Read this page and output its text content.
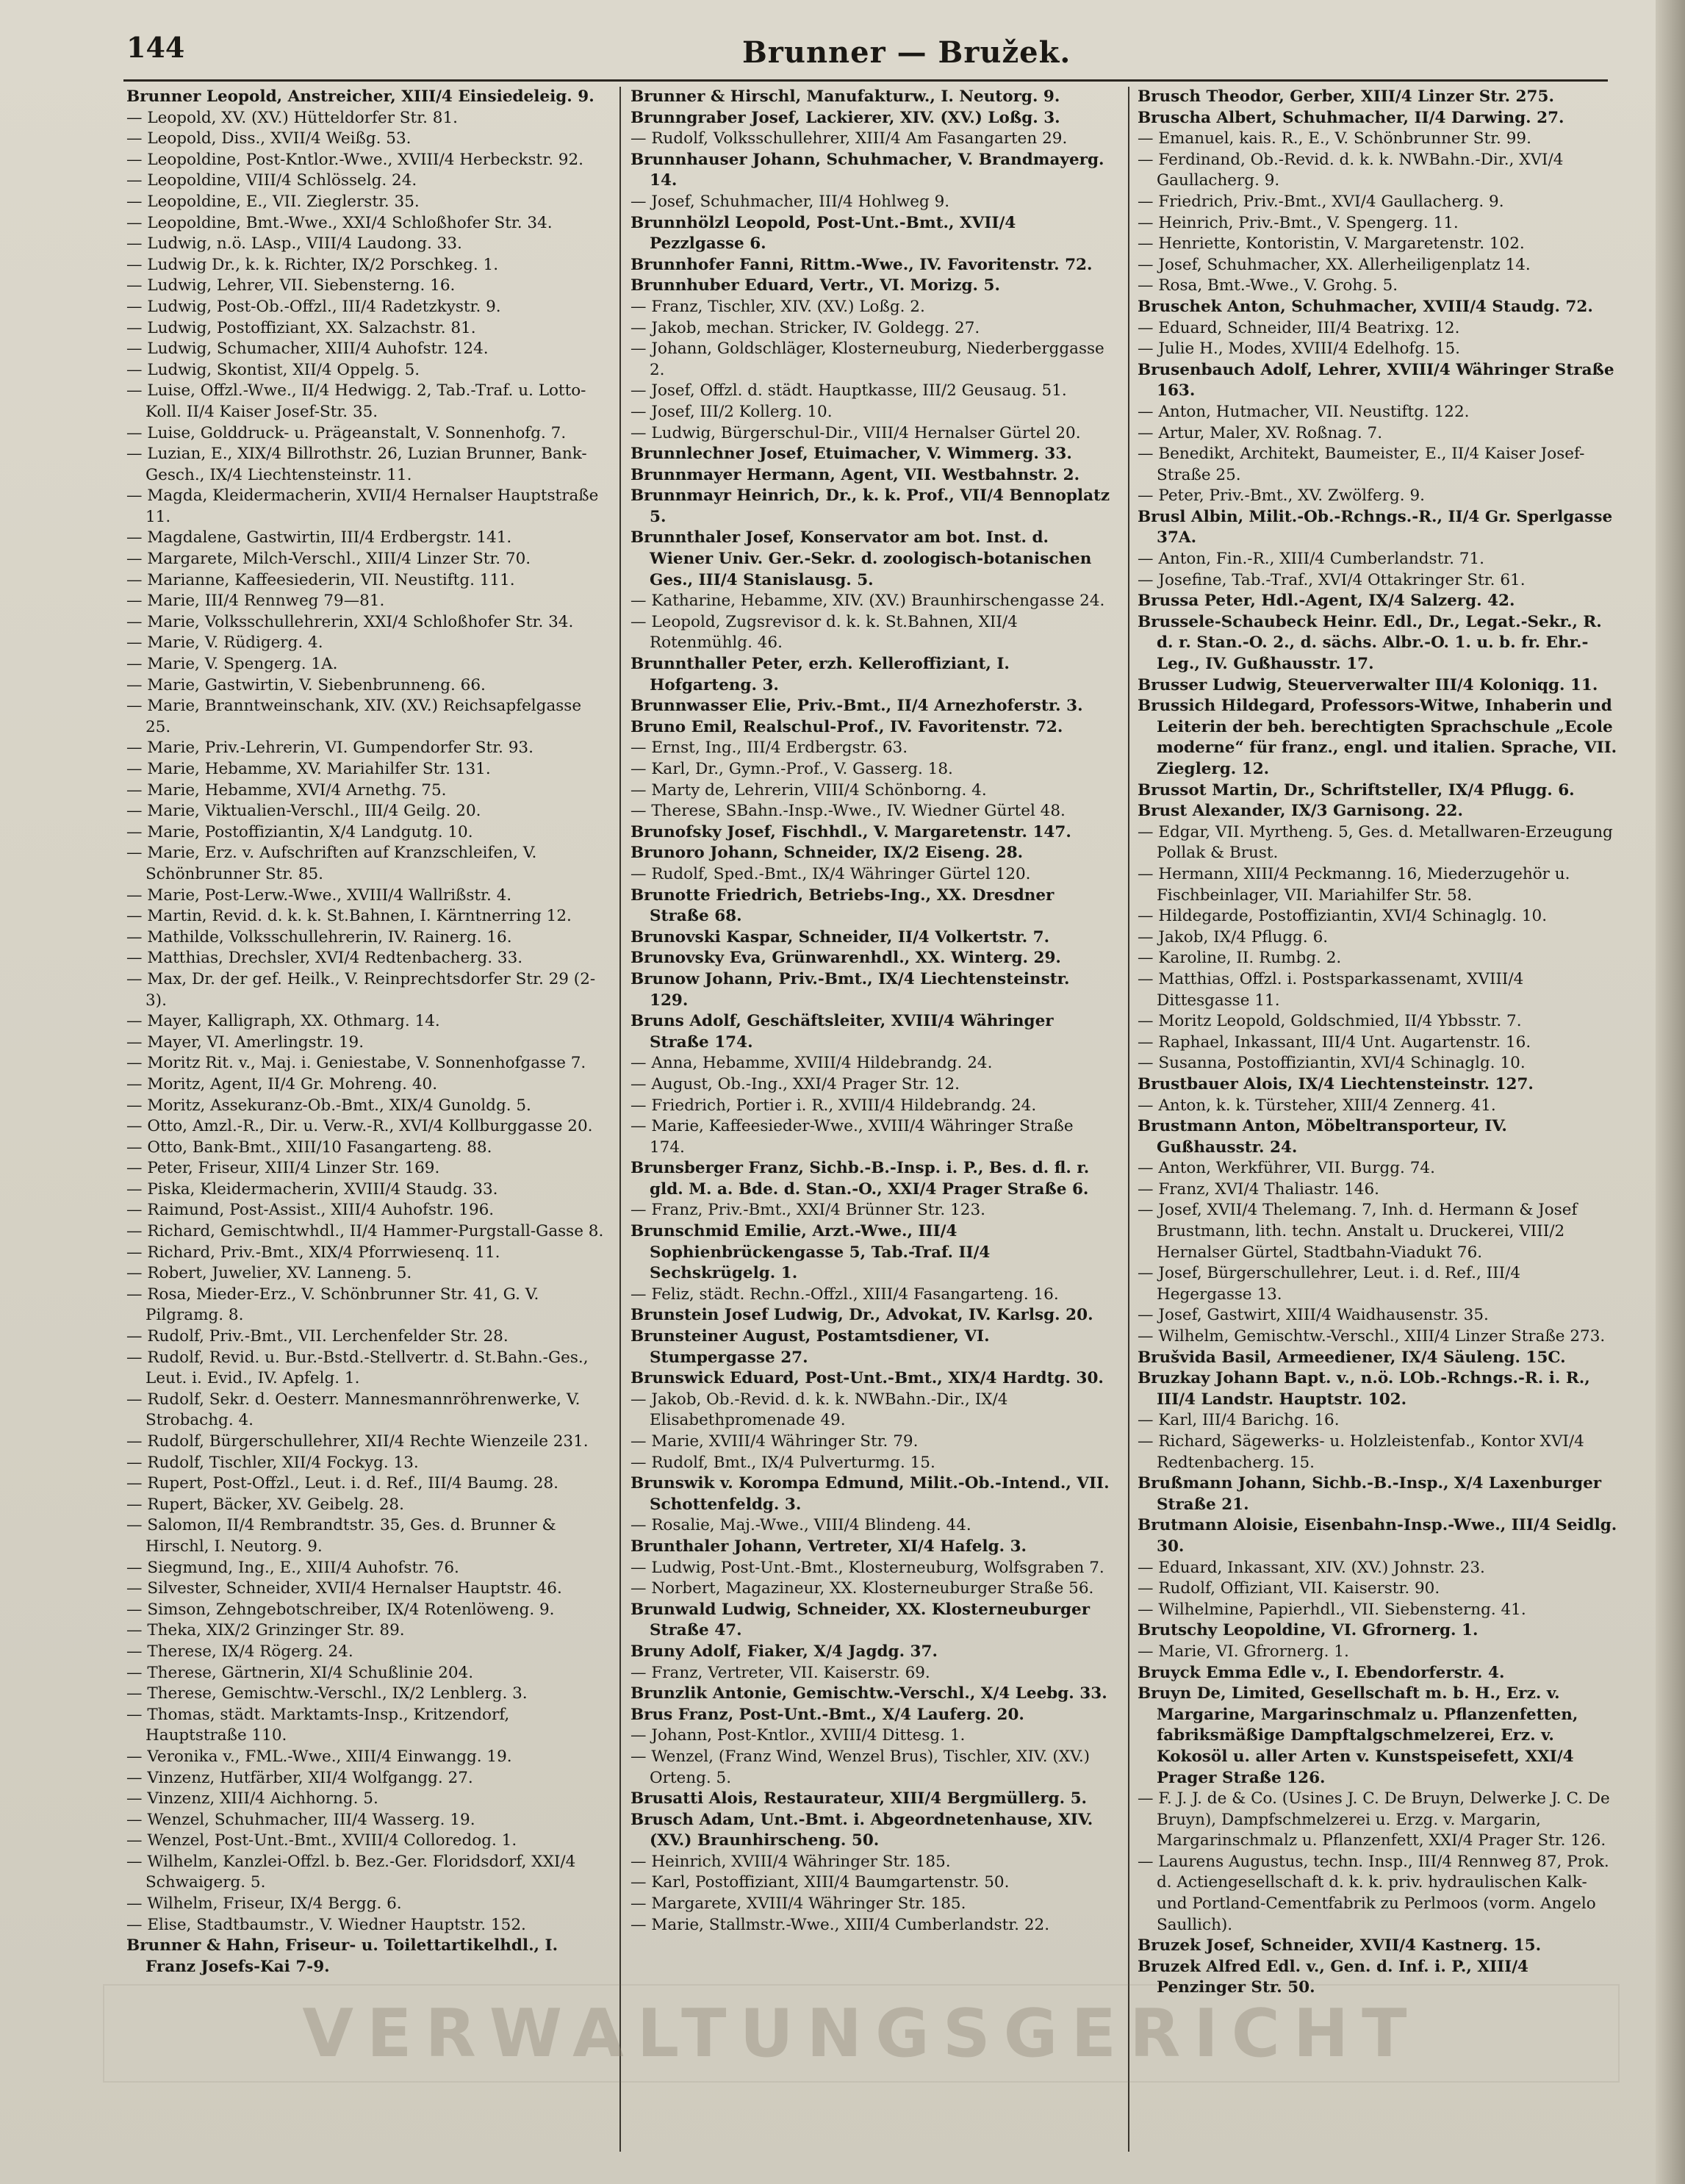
144	Brunner — Bružek.
Brunner Leopold, Anstreicher, XIII/4 Einsiedeleig. 9.
— Leopold, XV. (XV.) Hütteldorfer Str. 81.
— Leopold, Diss., XVII/4 Weißg. 53.
— Leopoldine, Post-Kntlor.-Wwe., XVIII/4 Herbeckstr. 92.
— Leopoldine, VIII/4 Schlösselg. 24.
— Leopoldine, E., VII. Zieglerstr. 35.
— Leopoldine, Bmt.-Wwe., XXI/4 Schloßhofer Str. 34.
— Ludwig, n.ö. LAsp., VIII/4 Laudong. 33.
— Ludwig Dr., k. k. Richter, IX/2 Porschkeg. 1.
— Ludwig, Lehrer, VII. Siebensterng. 16.
— Ludwig, Post-Ob.-Offzl., III/4 Radetzkystr. 9.
— Ludwig, Postoffiziant, XX. Salzachstr. 81.
— Ludwig, Schumacher, XIII/4 Auhofstr. 124.
— Ludwig, Skontist, XII/4 Oppelg. 5.
— Luise, Offzl.-Wwe., II/4 Hedwigg. 2, Tab.-Traf. u. Lotto-Koll. II/4 Kaiser Josef-Str. 35.
— Luise, Golddruck- u. Prägeanstalt, V. Sonnenhofg. 7.
— Luzian, E., XIX/4 Billrothstr. 26, Luzian Brunner, Bank-Gesch., IX/4 Liechtensteinstr. 11.
— Magda, Kleidermacherin, XVII/4 Hernalser Hauptstraße 11.
— Magdalene, Gastwirtin, III/4 Erdbergstr. 141.
— Margarete, Milch-Verschl., XIII/4 Linzer Str. 70.
— Marianne, Kaffeesiederin, VII. Neustiftg. 111.
— Marie, III/4 Rennweg 79—81.
— Marie, Volksschullehrerin, XXI/4 Schloßhofer Str. 34.
— Marie, V. Rüdigerg. 4.
— Marie, V. Spengerg. 1A.
— Marie, Gastwirtin, V. Siebenbrunneng. 66.
— Marie, Branntweinschank, XIV. (XV.) Reichsapfelgasse 25.
— Marie, Priv.-Lehrerin, VI. Gumpendorfer Str. 93.
— Marie, Hebamme, XV. Mariahilfer Str. 131.
— Marie, Hebamme, XVI/4 Arnethg. 75.
— Marie, Viktualien-Verschl., III/4 Geilg. 20.
— Marie, Postoffiziantin, X/4 Landgutg. 10.
— Marie, Erz. v. Aufschriften auf Kranzschleifen, V. Schönbrunner Str. 85.
— Marie, Post-Lerw.-Wwe., XVIII/4 Wallrißstr. 4.
— Martin, Revid. d. k. k. St.Bahnen, I. Kärntnerring 12.
— Mathilde, Volksschullehrerin, IV. Rainerg. 16.
— Matthias, Drechsler, XVI/4 Redtenbacherg. 33.
— Max, Dr. der gef. Heilk., V. Reinprechtsdorfer Str. 29 (2-3).
— Mayer, Kalligraph, XX. Othmarg. 14.
— Mayer, VI. Amerlingstr. 19.
— Moritz Rit. v., Maj. i. Geniestabe, V. Sonnenhofgasse 7.
— Moritz, Agent, II/4 Gr. Mohreng. 40.
— Moritz, Assekuranz-Ob.-Bmt., XIX/4 Gunoldg. 5.
— Otto, Amzl.-R., Dir. u. Verw.-R., XVI/4 Kollburggasse 20.
— Otto, Bank-Bmt., XIII/10 Fasangarteng. 88.
— Peter, Friseur, XIII/4 Linzer Str. 169.
— Piska, Kleidermacherin, XVIII/4 Staudg. 33.
— Raimund, Post-Assist., XIII/4 Auhofstr. 196.
— Richard, Gemischtwhdl., II/4 Hammer-Purgstall-Gasse 8.
— Richard, Priv.-Bmt., XIX/4 Pforrwiesenq. 11.
— Robert, Juwelier, XV. Lanneng. 5.
— Rosa, Mieder-Erz., V. Schönbrunner Str. 41, G. V. Pilgramg. 8.
— Rudolf, Priv.-Bmt., VII. Lerchenfelder Str. 28.
— Rudolf, Revid. u. Bur.-Bstd.-Stellvertr. d. St.Bahn.-Ges., Leut. i. Evid., IV. Apfelg. 1.
— Rudolf, Sekr. d. Oesterr. Mannesmannröhrenwerke, V. Strobachg. 4.
— Rudolf, Bürgerschullehrer, XII/4 Rechte Wienzeile 231.
— Rudolf, Tischler, XII/4 Fockyg. 13.
— Rupert, Post-Offzl., Leut. i. d. Ref., III/4 Baumg. 28.
— Rupert, Bäcker, XV. Geibelg. 28.
— Salomon, II/4 Rembrandtstr. 35, Ges. d. Brunner & Hirschl, I. Neutorg. 9.
— Siegmund, Ing., E., XIII/4 Auhofstr. 76.
— Silvester, Schneider, XVII/4 Hernalser Hauptstr. 46.
— Simson, Zehngebotschreiber, IX/4 Rotenlöweng. 9.
— Theka, XIX/2 Grinzinger Str. 89.
— Therese, IX/4 Rögerg. 24.
— Therese, Gärtnerin, XI/4 Schußlinie 204.
— Therese, Gemischtw.-Verschl., IX/2 Lenblerg. 3.
— Thomas, städt. Marktamts-Insp., Kritzendorf, Hauptstraße 110.
— Veronika v., FML.-Wwe., XIII/4 Einwangg. 19.
— Vinzenz, Hutfärber, XII/4 Wolfgangg. 27.
— Vinzenz, XIII/4 Aichhorng. 5.
— Wenzel, Schuhmacher, III/4 Wasserg. 19.
— Wenzel, Post-Unt.-Bmt., XVIII/4 Colloredog. 1.
— Wilhelm, Kanzlei-Offzl. b. Bez.-Ger. Floridsdorf, XXI/4 Schwaigerg. 5.
— Wilhelm, Friseur, IX/4 Bergg. 6.
— Elise, Stadtbaumstr., V. Wiedner Hauptstr. 152.
Brunner & Hahn, Friseur- u. Toilettartikelhdl., I. Franz Josefs-Kai 7-9.
Brunner & Hirschl, Manufakturw., I. Neutorg. 9.
Brunngraber Josef, Lackierer, XIV. (XV.) Loßg. 3.
— Rudolf, Volksschullehrer, XIII/4 Am Fasangarten 29.
Brunnhauser Johann, Schuhmacher, V. Brandmayerg. 14.
— Josef, Schuhmacher, III/4 Hohlweg 9.
Brunnhölzl Leopold, Post-Unt.-Bmt., XVII/4 Pezzlgasse 6.
Brunnhofer Fanni, Rittm.-Wwe., IV. Favoritenstr. 72.
Brunnhuber Eduard, Vertr., VI. Morizg. 5.
— Franz, Tischler, XIV. (XV.) Loßg. 2.
— Jakob, mechan. Stricker, IV. Goldegg. 27.
— Johann, Goldschläger, Klosterneuburg, Niederberggasse 2.
— Josef, Offzl. d. städt. Hauptkasse, III/2 Geusaug. 51.
— Josef, III/2 Kollerg. 10.
— Ludwig, Bürgerschul-Dir., VIII/4 Hernalser Gürtel 20.
Brunnlechner Josef, Etuimacher, V. Wimmerg. 33.
Brunnmayer Hermann, Agent, VII. Westbahnstr. 2.
Brunnmayr Heinrich, Dr., k. k. Prof., VII/4 Bennoplatz 5.
Brunnthaler Josef, Konservator am bot. Inst. d. Wiener Univ. Ger.-Sekr. d. zoologisch-botanischen Ges., III/4 Stanislausg. 5.
— Katharine, Hebamme, XIV. (XV.) Braunhirschengasse 24.
— Leopold, Zugsrevisor d. k. k. St.Bahnen, XII/4 Rotenmühlg. 46.
Brunnthaller Peter, erzh. Kelleroffiziant, I. Hofgarteng. 3.
Brunnwasser Elie, Priv.-Bmt., II/4 Arnezhoferstr. 3.
Bruno Emil, Realschul-Prof., IV. Favoritenstr. 72.
— Ernst, Ing., III/4 Erdbergstr. 63.
— Karl, Dr., Gymn.-Prof., V. Gasserg. 18.
— Marty de, Lehrerin, VIII/4 Schönborng. 4.
— Therese, SBahn.-Insp.-Wwe., IV. Wiedner Gürtel 48.
Brunofsky Josef, Fischhdl., V. Margaretenstr. 147.
Brunoro Johann, Schneider, IX/2 Eiseng. 28.
— Rudolf, Sped.-Bmt., IX/4 Währinger Gürtel 120.
Brunotte Friedrich, Betriebs-Ing., XX. Dresdner Straße 68.
Brunovski Kaspar, Schneider, II/4 Volkertstr. 7.
Brunovsky Eva, Grünwarenhdl., XX. Winterg. 29.
Brunow Johann, Priv.-Bmt., IX/4 Liechtensteinstr. 129.
Bruns Adolf, Geschäftsleiter, XVIII/4 Währinger Straße 174.
— Anna, Hebamme, XVIII/4 Hildebrandg. 24.
— August, Ob.-Ing., XXI/4 Prager Str. 12.
— Friedrich, Portier i. R., XVIII/4 Hildebrandg. 24.
— Marie, Kaffeesieder-Wwe., XVIII/4 Währinger Straße 174.
Brunsberger Franz, Sichb.-B.-Insp. i. P., Bes. d. fl. r. gld. M. a. Bde. d. Stan.-O., XXI/4 Prager Straße 6.
— Franz, Priv.-Bmt., XXI/4 Brünner Str. 123.
Brunschmid Emilie, Arzt.-Wwe., III/4 Sophienbrückengasse 5, Tab.-Traf. II/4 Sechskrügelg. 1.
— Feliz, städt. Rechn.-Offzl., XIII/4 Fasangarteng. 16.
Brunstein Josef Ludwig, Dr., Advokat, IV. Karlsg. 20.
Brunsteiner August, Postamtsdiener, VI. Stumpergasse 27.
Brunswick Eduard, Post-Unt.-Bmt., XIX/4 Hardtg. 30.
— Jakob, Ob.-Revid. d. k. k. NWBahn.-Dir., IX/4 Elisabethpromenade 49.
— Marie, XVIII/4 Währinger Str. 79.
— Rudolf, Bmt., IX/4 Pulverturmg. 15.
Brunswik v. Korompa Edmund, Milit.-Ob.-Intend., VII. Schottenfeldg. 3.
— Rosalie, Maj.-Wwe., VIII/4 Blindeng. 44.
Brunthaler Johann, Vertreter, XI/4 Hafelg. 3.
— Ludwig, Post-Unt.-Bmt., Klosterneuburg, Wolfsgraben 7.
— Norbert, Magazineur, XX. Klosterneuburger Straße 56.
Brunwald Ludwig, Schneider, XX. Klosterneuburger Straße 47.
Bruny Adolf, Fiaker, X/4 Jagdg. 37.
— Franz, Vertreter, VII. Kaiserstr. 69.
Brunzlik Antonie, Gemischtw.-Verschl., X/4 Leebg. 33.
Brus Franz, Post-Unt.-Bmt., X/4 Lauferg. 20.
— Johann, Post-Kntlor., XVIII/4 Dittesg. 1.
— Wenzel, (Franz Wind, Wenzel Brus), Tischler, XIV. (XV.) Orteng. 5.
Brusatti Alois, Restaurateur, XIII/4 Bergmüllerg. 5.
Brusch Adam, Unt.-Bmt. i. Abgeordnetenhause, XIV. (XV.) Braunhirscheng. 50.
— Heinrich, XVIII/4 Währinger Str. 185.
— Karl, Postoffiziant, XIII/4 Baumgartenstr. 50.
— Margarete, XVIII/4 Währinger Str. 185.
— Marie, Stallmstr.-Wwe., XIII/4 Cumberlandstr. 22.
Brusch Theodor, Gerber, XIII/4 Linzer Str. 275.
Bruscha Albert, Schuhmacher, II/4 Darwing. 27.
— Emanuel, kais. R., E., V. Schönbrunner Str. 99.
— Ferdinand, Ob.-Revid. d. k. k. NWBahn.-Dir., XVI/4 Gaullacherg. 9.
— Friedrich, Priv.-Bmt., XVI/4 Gaullacherg. 9.
— Heinrich, Priv.-Bmt., V. Spengerg. 11.
— Henriette, Kontoristin, V. Margaretenstr. 102.
— Josef, Schuhmacher, XX. Allerheiligenplatz 14.
— Rosa, Bmt.-Wwe., V. Grohg. 5.
Bruschek Anton, Schuhmacher, XVIII/4 Staudg. 72.
— Eduard, Schneider, III/4 Beatrixg. 12.
— Julie H., Modes, XVIII/4 Edelhofg. 15.
Brusenbauch Adolf, Lehrer, XVIII/4 Währinger Straße 163.
— Anton, Hutmacher, VII. Neustiftg. 122.
— Artur, Maler, XV. Roßnag. 7.
— Benedikt, Architekt, Baumeister, E., II/4 Kaiser Josef-Straße 25.
— Peter, Priv.-Bmt., XV. Zwölferg. 9.
Brusl Albin, Milit.-Ob.-Rchngs.-R., II/4 Gr. Sperlgasse 37A.
— Anton, Fin.-R., XIII/4 Cumberlandstr. 71.
— Josefine, Tab.-Traf., XVI/4 Ottakringer Str. 61.
Brussa Peter, Hdl.-Agent, IX/4 Salzerg. 42.
Brussele-Schaubeck Heinr. Edl., Dr., Legat.-Sekr., R. d. r. Stan.-O. 2., d. sächs. Albr.-O. 1. u. b. fr. Ehr.-Leg., IV. Gußhausstr. 17.
Brusser Ludwig, Steuerverwalter III/4 Koloniqg. 11.
Brussich Hildegard, Professors-Witwe, Inhaberin und Leiterin der beh. berechtigten Sprachschule „Ecole moderne“ für franz., engl. und italien. Sprache, VII. Zieglerg. 12.
Brussot Martin, Dr., Schriftsteller, IX/4 Pflugg. 6.
Brust Alexander, IX/3 Garnisong. 22.
— Edgar, VII. Myrtheng. 5, Ges. d. Metallwaren-Erzeugung Pollak & Brust.
— Hermann, XIII/4 Peckmanng. 16, Miederzugehör u. Fischbeinlager, VII. Mariahilfer Str. 58.
— Hildegarde, Postoffiziantin, XVI/4 Schinaglg. 10.
— Jakob, IX/4 Pflugg. 6.
— Karoline, II. Rumbg. 2.
— Matthias, Offzl. i. Postsparkassenamt, XVIII/4 Dittesgasse 11.
— Moritz Leopold, Goldschmied, II/4 Ybbsstr. 7.
— Raphael, Inkassant, III/4 Unt. Augartenstr. 16.
— Susanna, Postoffiziantin, XVI/4 Schinaglg. 10.
Brustbauer Alois, IX/4 Liechtensteinstr. 127.
— Anton, k. k. Türsteher, XIII/4 Zennerg. 41.
Brustmann Anton, Möbeltransporteur, IV. Gußhausstr. 24.
— Anton, Werkführer, VII. Burgg. 74.
— Franz, XVI/4 Thaliastr. 146.
— Josef, XVII/4 Thelemang. 7, Inh. d. Hermann & Josef Brustmann, lith. techn. Anstalt u. Druckerei, VIII/2 Hernalser Gürtel, Stadtbahn-Viadukt 76.
— Josef, Bürgerschullehrer, Leut. i. d. Ref., III/4 Hegergasse 13.
— Josef, Gastwirt, XIII/4 Waidhausenstr. 35.
— Wilhelm, Gemischtw.-Verschl., XIII/4 Linzer Straße 273.
Brušvida Basil, Armeediener, IX/4 Säuleng. 15C.
Bruzkay Johann Bapt. v., n.ö. LOb.-Rchngs.-R. i. R., III/4 Landstr. Hauptstr. 102.
— Karl, III/4 Barichg. 16.
— Richard, Sägewerks- u. Holzleistenfab., Kontor XVI/4 Redtenbacherg. 15.
Brußmann Johann, Sichb.-B.-Insp., X/4 Laxenburger Straße 21.
Brutmann Aloisie, Eisenbahn-Insp.-Wwe., III/4 Seidlg. 30.
— Eduard, Inkassant, XIV. (XV.) Johnstr. 23.
— Rudolf, Offiziant, VII. Kaiserstr. 90.
— Wilhelmine, Papierhdl., VII. Siebensterng. 41.
Brutschy Leopoldine, VI. Gfrornerg. 1.
— Marie, VI. Gfrornerg. 1.
Bruyck Emma Edle v., I. Ebendorferstr. 4.
Bruyn De, Limited, Gesellschaft m. b. H., Erz. v. Margarine, Margarinschmalz u. Pflanzenfetten, fabriksmäßige Dampftalgschmelzerei, Erz. v. Kokosöl u. aller Arten v. Kunstspeisefett, XXI/4 Prager Straße 126.
— F. J. J. de & Co. (Usines J. C. De Bruyn, Delwerke J. C. De Bruyn), Dampfschmelzerei u. Erzg. v. Margarin, Margarinschmalz u. Pflanzenfett, XXI/4 Prager Str. 126.
— Laurens Augustus, techn. Insp., III/4 Rennweg 87, Prok. d. Actiengesellschaft d. k. k. priv. hydraulischen Kalk- und Portland-Cementfabrik zu Perlmoos (vorm. Angelo Saullich).
Bruzek Josef, Schneider, XVII/4 Kastnerg. 15.
Bruzek Alfred Edl. v., Gen. d. Inf. i. P., XIII/4 Penzinger Str. 50.
VERWALTUNGSGERICHT
